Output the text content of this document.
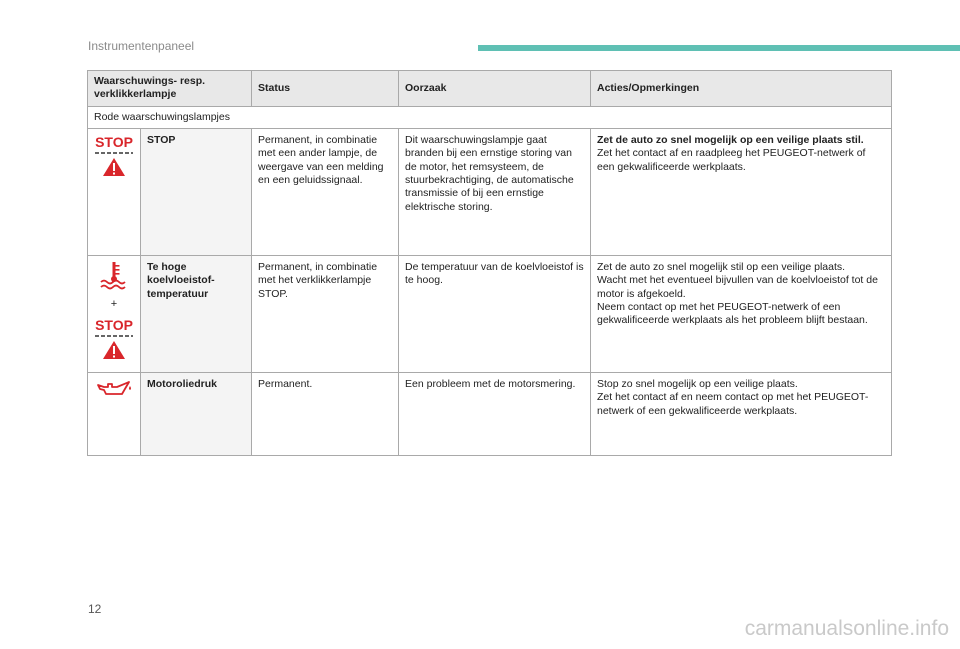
Instrumentenpaneel
Waarschuwings- resp. verklikkerlampje		Status	Oorzaak	Acties/Opmerkingen
Rode waarschuwingslampjes				

STOP	STOP	Permanent, in combinatie met een ander lampje, de weergave van een melding en een geluidssignaal.	Dit waarschuwingslampje gaat branden bij een ernstige storing van de motor, het remsysteem, de stuurbekrachtiging, de automatische transmissie of bij een ernstige elektrische storing.	Zet de auto zo snel mogelijk op een veilige plaats stil.
Zet het contact af en raadpleeg het PEUGEOT-netwerk of een gekwalificeerde werkplaats.

+
STOP	Te hoge koelvloeistof-temperatuur	Permanent, in combinatie met het verklikkerlampje STOP.	De temperatuur van de koelvloeistof is te hoog.	Zet de auto zo snel mogelijk stil op een veilige plaats.
Wacht met het eventueel bijvullen van de koelvloeistof tot de motor is afgekoeld.
Neem contact op met het PEUGEOT-netwerk of een gekwalificeerde werkplaats als het probleem blijft bestaan.

	Motoroliedruk	Permanent.	Een probleem met de motorsmering.	Stop zo snel mogelijk op een veilige plaats.
Zet het contact af en neem contact op met het PEUGEOT-netwerk of een gekwalificeerde werkplaats.
12
carmanualsonline.info
